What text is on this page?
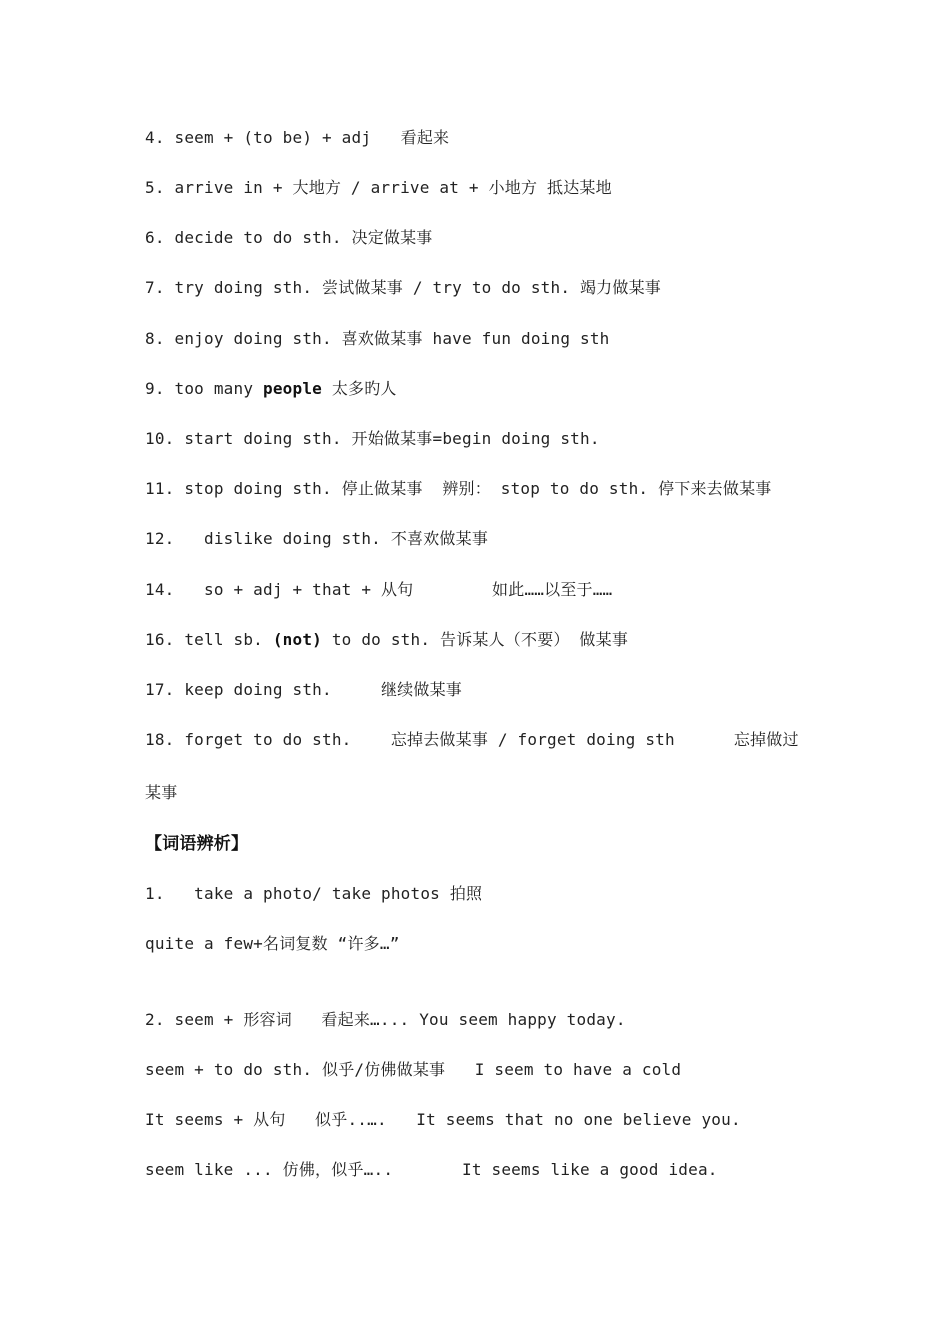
4. seem + (to be) + adj   看起来
5. arrive in + 大地方 / arrive at + 小地方 抵达某地
6. decide to do sth. 决定做某事
7. try doing sth. 尝试做某事 / try to do sth. 竭力做某事
8. enjoy doing sth. 喜欢做某事 have fun doing sth
9. too many people 太多旳人
10. start doing sth. 开始做某事=begin doing sth.
11. stop doing sth. 停止做某事  辨别： stop to do sth. 停下来去做某事
12.   dislike doing sth. 不喜欢做某事
14.   so + adj + that + 从句        如此……以至于……
16. tell sb. (not) to do sth. 告诉某人（不要） 做某事
17. keep doing sth.     继续做某事
18. forget to do sth.    忘掉去做某事 / forget doing sth      忘掉做过
某事
【词语辨析】
1.   take a photo/ take photos 拍照
quite a few+名词复数 “许多…”
2. seem + 形容词   看起来…... You seem happy today.
seem + to do sth. 似乎/仿佛做某事   I seem to have a cold
It seems + 从句   似乎..….   It seems that no one believe you.
seem like ... 仿佛，似乎…..       It seems like a good idea.
